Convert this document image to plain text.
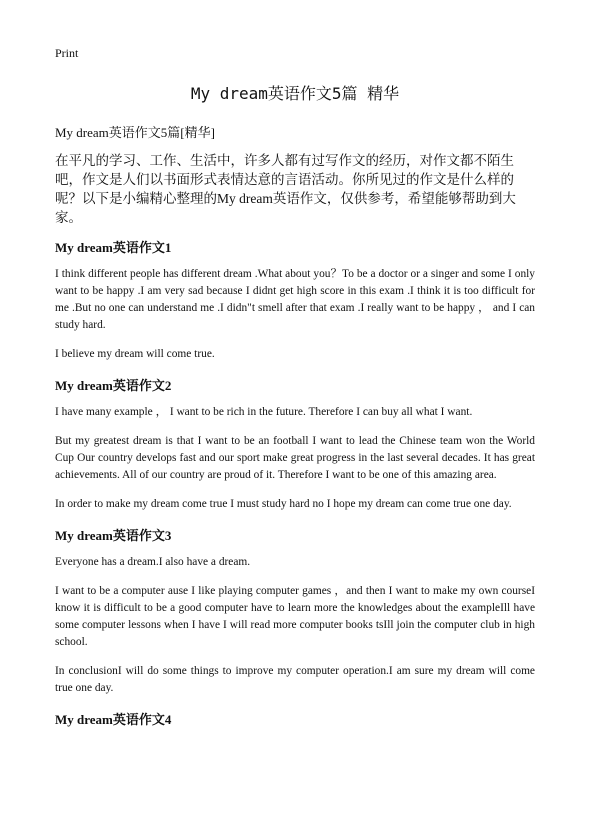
Print
My dream英语作文5篇 精华
My dream英语作文5篇[精华]

在平凡的学习、工作、生活中，许多人都有过写作文的经历，对作文都不陌生吧，作文是人们以书面形式表情达意的言语活动。你所见过的作文是什么样的呢？以下是小编精心整理的My dream英语作文，仅供参考，希望能够帮助到大家。

My dream英语作文1

I think different people has different dream .What about you？To be a doctor or a singer and some I only want to be happy .I am very sad because I didnt get high score in this exam .I think it is too difficult for me .But no one can understand me .I didn"t smell after that exam .I really want to be happy ， and I can study hard.

I believe my dream will come true.

My dream英语作文2

I have many example ， I want to be rich in the future. Therefore I can buy all what I want.

But my greatest dream is that I want to be an football I want to lead the Chinese team won the World Cup Our country develops fast and our sport make great progress in the last several decades. It has great achievements. All of our country are proud of it. Therefore I want to be one of this amazing area.

In order to make my dream come true I must study hard no I hope my dream can come true one day.

My dream英语作文3

Everyone has a dream.I also have a dream.

I want to be a computer ause I like playing computer games ，and then I want to make my own courseI know it is difficult to be a good computer have to learn more the knowledges about the exampleIll have some computer lessons when I have I will read more computer books tsIll join the computer club in high school.

In conclusionI will do some things to improve my computer operation.I am sure my dream will come true one day.

My dream英语作文4
